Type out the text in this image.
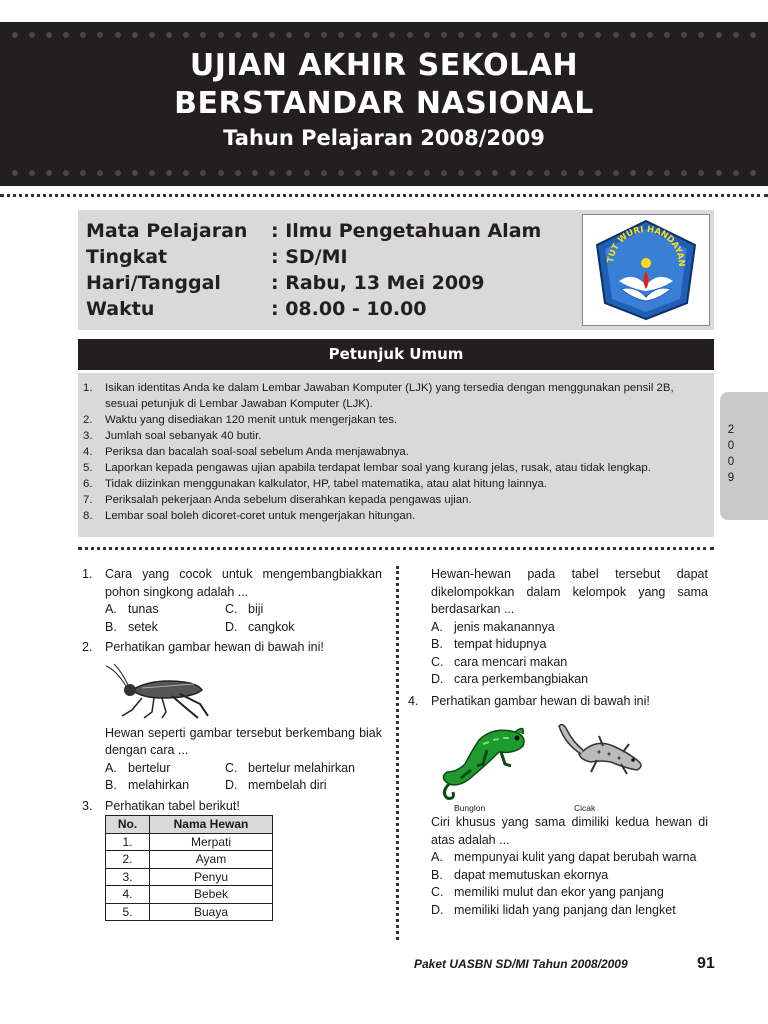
UJIAN AKHIR SEKOLAH
BERSTANDAR NASIONAL
Tahun Pelajaran 2008/2009
Mata Pelajaran : Ilmu Pengetahuan Alam
Tingkat	: SD/MI
Hari/Tanggal	: Rabu, 13 Mei 2009
Waktu	: 08.00 - 10.00
TUT WURI HANDAYAN
Petunjuk Umum
1.	Isikan identitas Anda ke dalam Lembar Jawaban Komputer (LJK) yang tersedia dengan menggunakan pensil 2B, sesuai petunjuk di Lembar Jawaban Komputer (LJK).
2.	Waktu yang disediakan 120 menit untuk mengerjakan tes.
3.	Jumlah soal sebanyak 40 butir.
4.	Periksa dan bacalah soal-soal sebelum Anda menjawabnya.
5.	Laporkan kepada pengawas ujian apabila terdapat lembar soal yang kurang jelas, rusak, atau tidak lengkap.
6.	Tidak diizinkan menggunakan kalkulator, HP, tabel matematika, atau alat hitung lainnya.
7.	Periksalah pekerjaan Anda sebelum diserahkan kepada pengawas ujian.
8.	Lembar soal boleh dicoret-coret untuk mengerjakan hitungan.
2
0
0
9
1.	Cara yang cocok untuk mengembangbiakkan pohon singkong adalah ...
A. tunas	C. biji
B. setek	D. cangkok
2.	Perhatikan gambar hewan di bawah ini!
Hewan seperti gambar tersebut berkembang biak dengan cara ...
A. bertelur	C. bertelur melahirkan
B. melahirkan	D. membelah diri
3.	Perhatikan tabel berikut!
No.	Nama Hewan
1.	Merpati
2.	Ayam
3.	Penyu
4.	Bebek
5.	Buaya
Hewan-hewan pada tabel tersebut dapat dikelompokkan dalam kelompok yang sama berdasarkan ...
A. jenis makanannya
B. tempat hidupnya
C. cara mencari makan
D. cara perkembangbiakan
4.	Perhatikan gambar hewan di bawah ini!
Bunglon	Cicak
Ciri khusus yang sama dimiliki kedua hewan di atas adalah ...
A. mempunyai kulit yang dapat berubah warna
B. dapat memutuskan ekornya
C. memiliki mulut dan ekor yang panjang
D. memiliki lidah yang panjang dan lengket
Paket UASBN SD/MI Tahun 2008/2009	91
